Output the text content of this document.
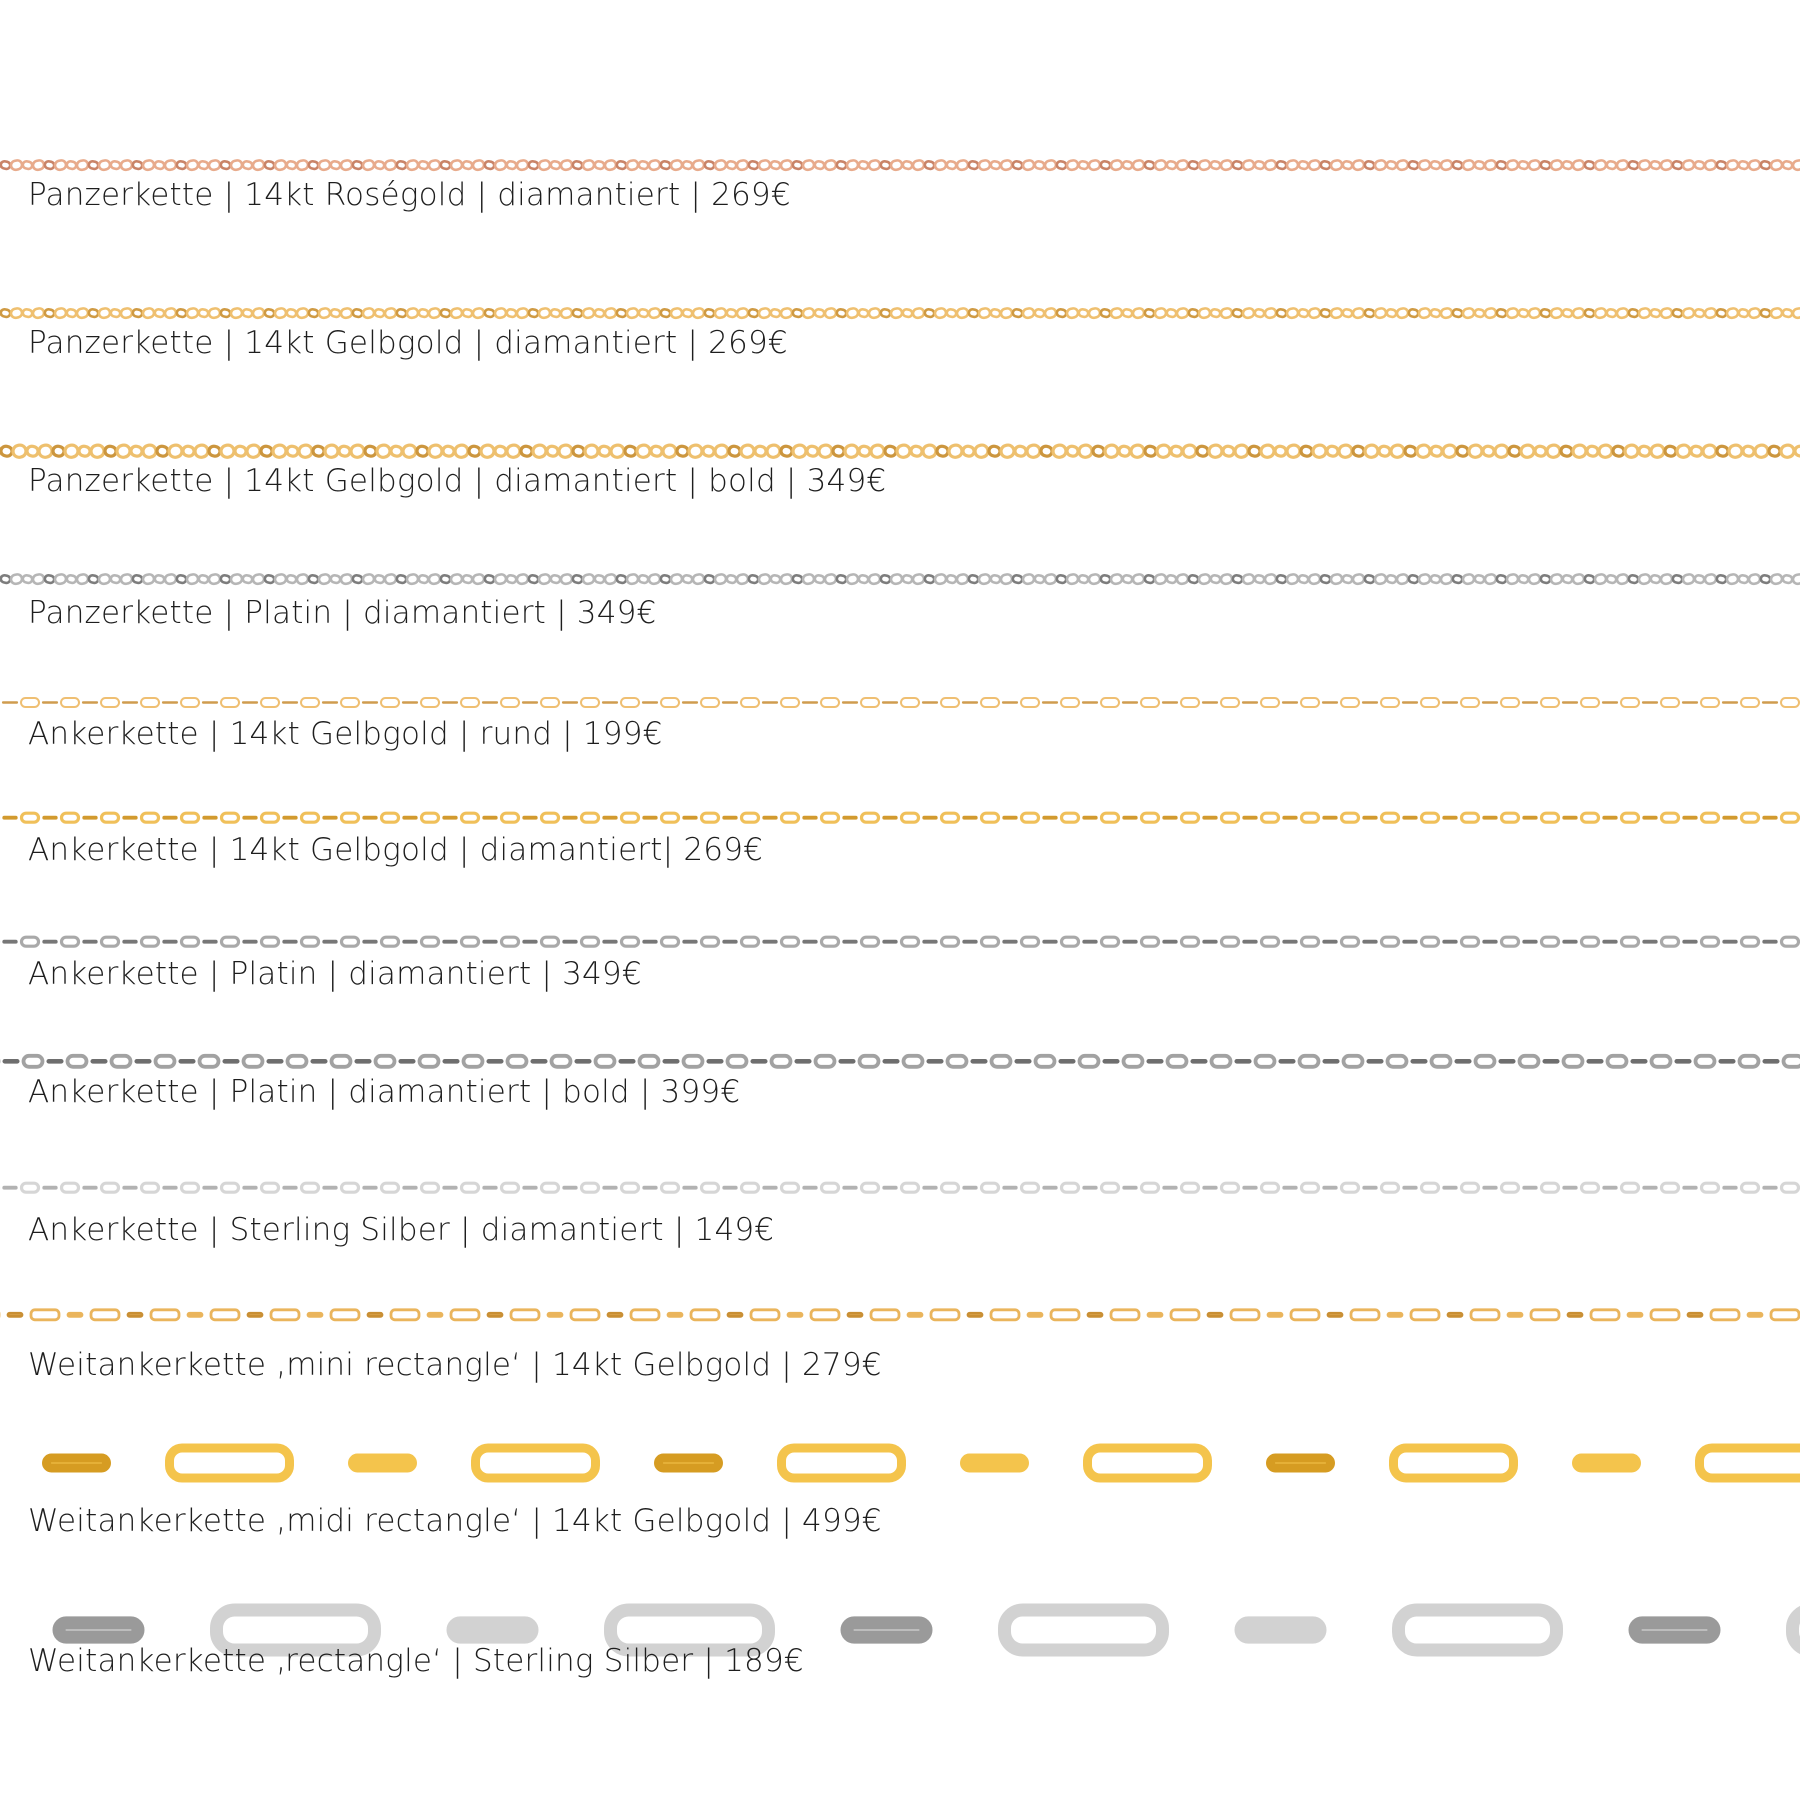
Panzerkette | 14kt Roségold | diamantiert | 269€
Panzerkette | 14kt Gelbgold | diamantiert | 269€
Panzerkette | 14kt Gelbgold | diamantiert | bold | 349€
Panzerkette | Platin | diamantiert | 349€
Ankerkette | 14kt Gelbgold | rund | 199€
Ankerkette | 14kt Gelbgold | diamantiert| 269€
Ankerkette | Platin | diamantiert | 349€
Ankerkette | Platin | diamantiert | bold | 399€
Ankerkette | Sterling Silber | diamantiert | 149€
Weitankerkette ‚mini rectangle‘ | 14kt Gelbgold | 279€
Weitankerkette ‚midi rectangle‘ | 14kt Gelbgold | 499€
Weitankerkette ‚rectangle‘ | Sterling Silber | 189€
